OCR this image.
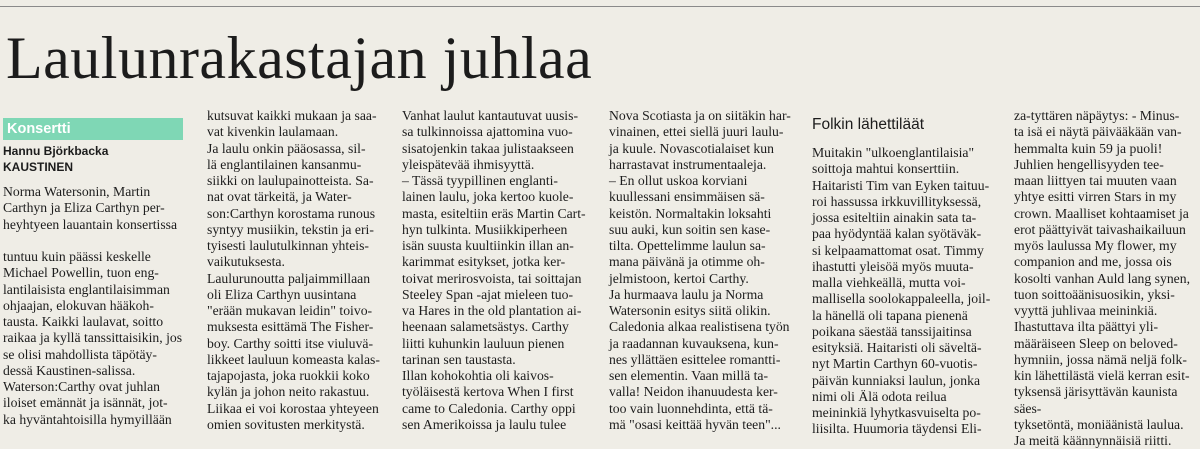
Laulunrakastajan juhlaa
Konsertti
Hannu Björkbacka
KAUSTINEN

Norma Watersonin, Martin

Carthyn ja Eliza Carthyn per-

heyhtyeen lauantain konsertissa

tuntuu kuin päässi keskelle

Michael Powellin, tuon eng-

lantilaisista englantilaisimman

ohjaajan, elokuvan hääkoh-

tausta. Kaikki laulavat, soitto

raikaa ja kyllä tanssittaisikin, jos

se olisi mahdollista täpötäy-

dessä Kaustinen-salissa.

Waterson:Carthy ovat juhlan

iloiset emännät ja isännät, jot-

ka hyväntahtoisilla hymyillään

kutsuvat kaikki mukaan ja saa-

vat kivenkin laulamaan.

Ja laulu onkin pääosassa, sil-

lä englantilainen kansanmu-

siikki on laulupainotteista. Sa-

nat ovat tärkeitä, ja Water-

son:Carthyn korostama runous

syntyy musiikin, tekstin ja eri-

tyisesti laulutulkinnan yhteis-

vaikutuksesta.

Laulurunoutta paljaimmillaan

oli Eliza Carthyn uusintana

"erään mukavan leidin" toivo-

muksesta esittämä The Fisher-

boy. Carthy soitti itse viuluvä-

likkeet lauluun komeasta kalas-

tajapojasta, joka ruokkii koko

kylän ja johon neito rakastuu.

Liikaa ei voi korostaa yhteyeen

omien sovitusten merkitystä.

Vanhat laulut kantautuvat uusis-

sa tulkinnoissa ajattomina vuo-

sisatojenkin takaa julistaakseen

yleispätevää ihmisyyttä.

– Tässä tyypillinen englanti-

lainen laulu, joka kertoo kuole-

masta, esiteltiin eräs Martin Cart-

hyn tulkinta. Musiikkiperheen

isän suusta kuultiinkin illan an-

karimmat esitykset, jotka ker-

toivat merirosvoista, tai soittajan

Steeley Span -ajat mieleen tuo-

va Hares in the old plantation ai-

heenaan salametsästys. Carthy

liitti kuhunkin lauluun pienen

tarinan sen taustasta.

Illan kohokohtia oli kaivos-

työläisestä kertova When I first

came to Caledonia. Carthy oppi

sen Amerikoissa ja laulu tulee

Nova Scotiasta ja on siitäkin har-

vinainen, ettei siellä juuri laulu-

ja kuule. Novascotialaiset kun

harrastavat instrumentaaleja.

– En ollut uskoa korviani

kuullessani ensimmäisen sä-

keistön. Normaltakin loksahti

suu auki, kun soitin sen kase-

tilta. Opettelimme laulun sa-

mana päivänä ja otimme oh-

jelmistoon, kertoi Carthy.

Ja hurmaava laulu ja Norma

Watersonin esitys siitä olikin.

Caledonia alkaa realistisena työn

ja raadannan kuvauksena, kun-

nes yllättäen esittelee romantti-

sen elementin. Vaan millä ta-

valla! Neidon ihanuudesta ker-

too vain luonnehdinta, että tä-

mä "osasi keittää hyvän teen"...

Folkin lähettiläät

Muitakin "ulkoenglantilaisia"

soittoja mahtui konserttiin.

Haitaristi Tim van Eyken taituu-

roi hassussa irkkuvillityksessä,

jossa esiteltiin ainakin sata ta-

paa hyödyntää kalan syötäväk-

si kelpaamattomat osat. Timmy

ihastutti yleisöä myös muuta-

malla viehkeällä, mutta voi-

mallisella soolokappaleella, joil-

la hänellä oli tapana pienenä

poikana säestää tanssijaitinsa

esityksiä. Haitaristi oli säveltä-

nyt Martin Carthyn 60-vuotis-

päivän kunniaksi laulun, jonka

nimi oli Älä odota reilua

meininkiä lyhytkasvuiselta po-

liisilta. Huumoria täydensi Eli-

za-tyttären näpäytys: - Minus-

ta isä ei näytä päivääkään van-

hemmalta kuin 59 ja puoli!

Juhlien hengellisyyden tee-

maan liittyen tai muuten vaan

yhtye esitti virren Stars in my

crown. Maalliset kohtaamiset ja

erot päättyivät taivashaikailuun

myös laulussa My flower, my

companion and me, jossa ois

kosolti vanhan Auld lang synen,

tuon soittoäänisuosikin, yksi-

vyyttä juhlivaa meininkiä.

Ihastuttava ilta päättyi yli-

määräiseen Sleep on beloved-

hymniin, jossa nämä neljä folk-

kin lähettilästä vielä kerran esit-

tyksensä järisyttävän kaunista säes-

tyksetöntä, moniäänistä laulua.

Ja meitä käännynnäisiä riitti.
